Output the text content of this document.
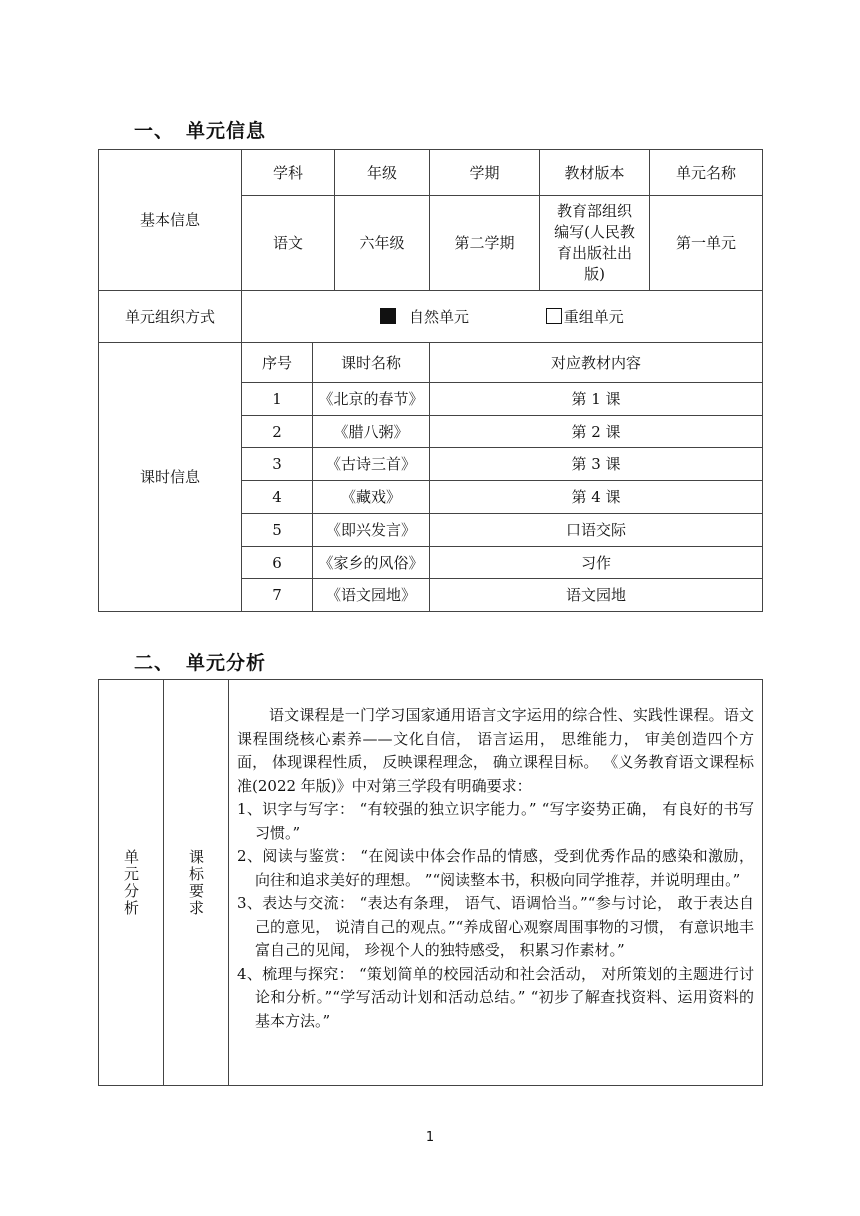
一、 单元信息
基本信息	学科		年级	学期	教材版本	单元名称
	语文		六年级	第二学期	教育部组织编写(人民教育出版社出版)	第一单元
单元组织方式	自然单元 重组单元					
课时信息	序号	课时名称		对应教材内容		
	1	《北京的春节》		第 1 课		
	2	《腊八粥》		第 2 课		
	3	《古诗三首》		第 3 课		
	4	《藏戏》		第 4 课		
	5	《即兴发言》		口语交际		
	6	《家乡的风俗》		习作		
	7	《语文园地》		语文园地		
二、 单元分析
单元分析	课标要求

语文课程是一门学习国家通用语言文字运用的综合性、实践性课程。语文课程围绕核心素养——文化自信， 语言运用， 思维能力， 审美创造四个方面， 体现课程性质， 反映课程理念， 确立课程目标。 《义务教育语文课程标准(2022 年版)》中对第三学段有明确要求：
1、识字与写字： “有较强的独立识字能力。” “写字姿势正确， 有良好的书写习惯。”
2、阅读与鉴赏： “在阅读中体会作品的情感，受到优秀作品的感染和激励， 向往和追求美好的理想。 ”“阅读整本书，积极向同学推荐，并说明理由。”
3、表达与交流： “表达有条理， 语气、语调恰当。”“参与讨论， 敢于表达自己的意见， 说清自己的观点。”“养成留心观察周围事物的习惯， 有意识地丰富自己的见闻， 珍视个人的独特感受， 积累习作素材。”
4、梳理与探究： “策划简单的校园活动和社会活动， 对所策划的主题进行讨论和分析。”“学写活动计划和活动总结。” “初步了解查找资料、运用资料的基本方法。”
1
